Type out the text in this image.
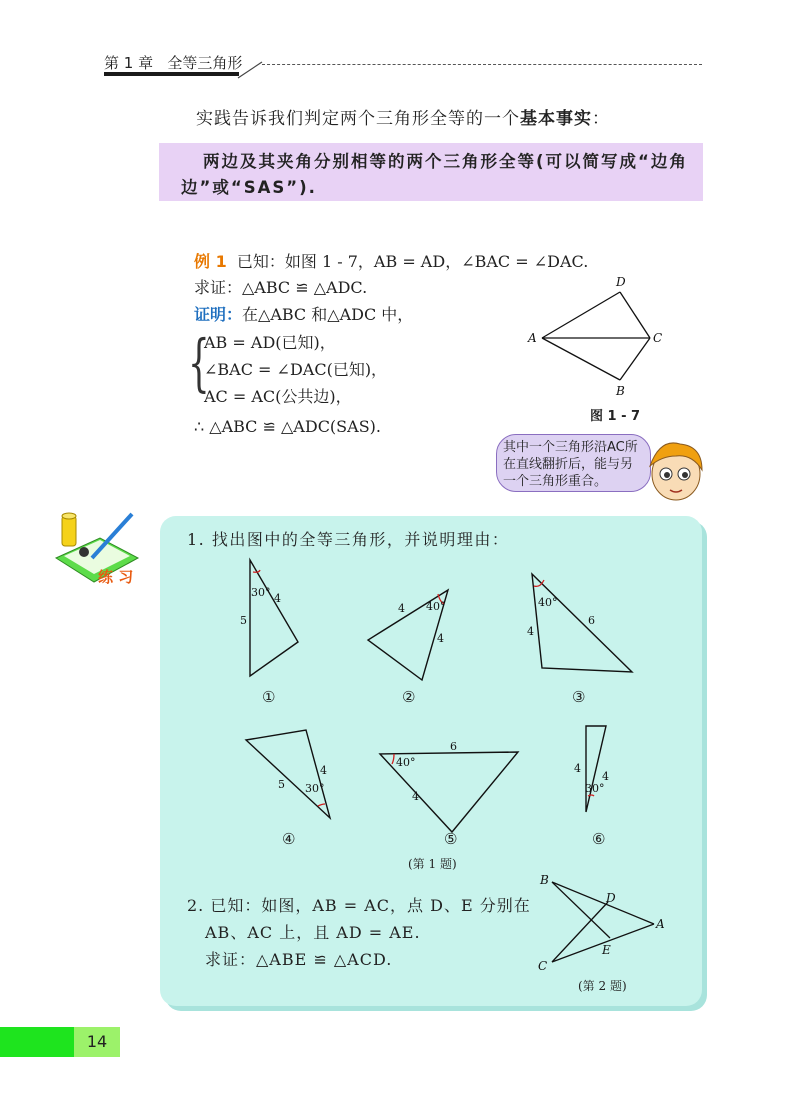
第 1 章 全等三角形
实践告诉我们判定两个三角形全等的一个基本事实：
两边及其夹角分别相等的两个三角形全等(可以简写成“边角边”或“SAS”).
例 1 已知：如图 1 - 7，AB = AD，∠BAC = ∠DAC.
求证：△ABC ≌ △ADC.
证明：在△ABC 和△ADC 中，
{
AB = AD(已知)，
∠BAC = ∠DAC(已知)，
AC = AC(公共边)，
∴ △ABC ≌ △ADC(SAS).
A
B
C
D
图 1 - 7
其中一个三角形沿AC所在直线翻折后，能与另一个三角形重合。
练 习
1. 找出图中的全等三角形，并说明理由：
30° 4
5
40°
4
4
40°
6
4
30°
4
5
40°
6
4
30°
4
4
①	②	③
④	⑤	⑥
(第 1 题)
2. 已知：如图，AB = AC，点 D、E 分别在
AB、AC 上，且 AD = AE.
求证：△ABE ≌ △ACD.
B
D
A
E
C
(第 2 题)
14
